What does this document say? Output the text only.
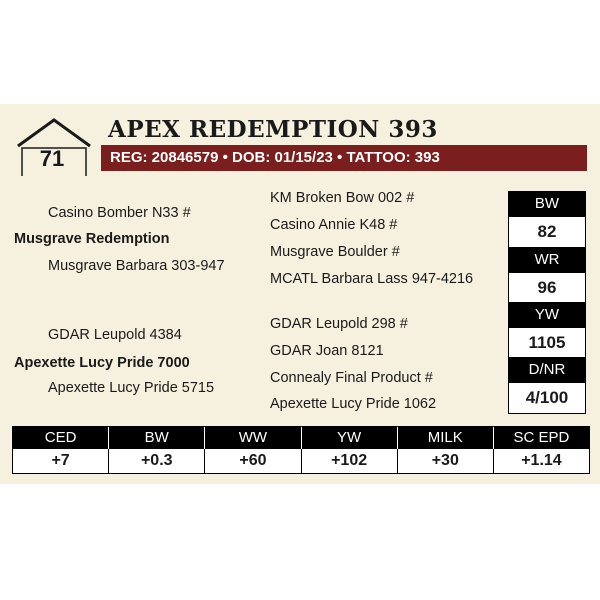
71
APEX REDEMPTION 393
REG: 20846579 • DOB: 01/15/23 • TATTOO: 393
Casino Bomber N33 #
Musgrave Redemption
Musgrave Barbara 303-947
GDAR Leupold 4384
Apexette Lucy Pride 7000
Apexette Lucy Pride 5715
KM Broken Bow 002 #
Casino Annie K48 #
Musgrave Boulder #
MCATL Barbara Lass 947-4216
GDAR Leupold 298 #
GDAR Joan 8121
Connealy Final Product #
Apexette Lucy Pride 1062
BW
82
WR
96
YW
1105
D/NR
4/100
CED	BW	WW	YW	MILK	SC EPD
+7	+0.3	+60	+102	+30	+1.14
